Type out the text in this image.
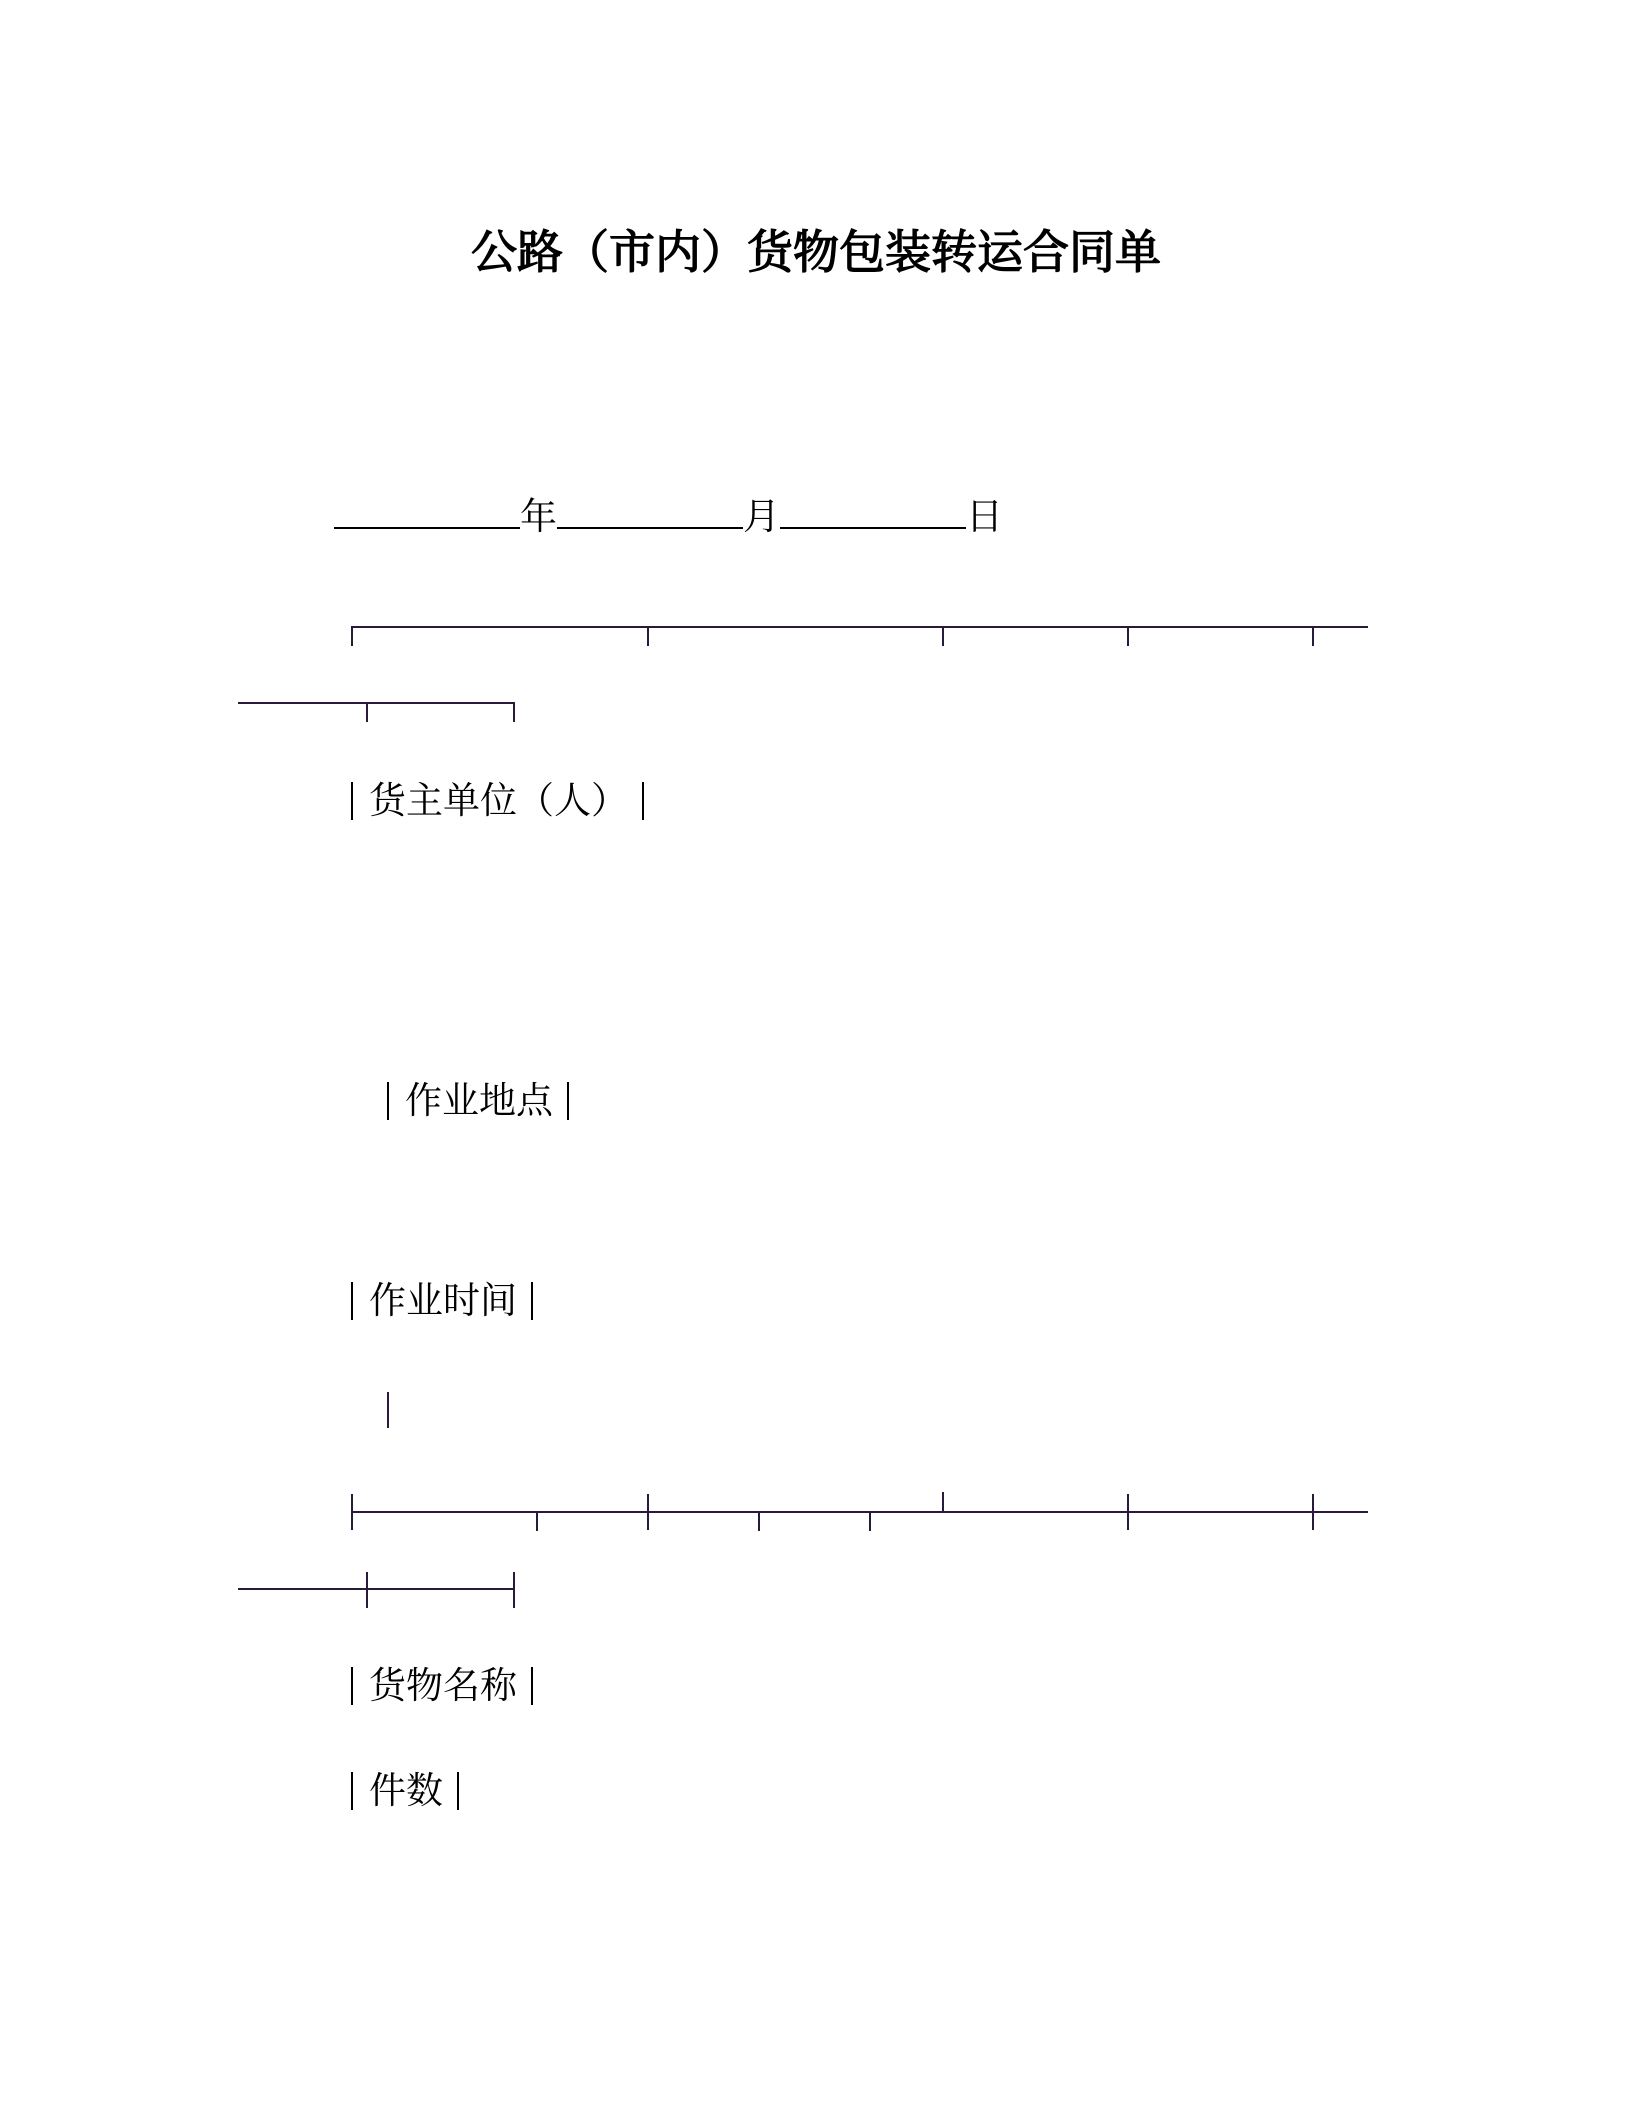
公路（市内）货物包装转运合同单
年	月	日
货主单位（人）
作业地点
作业时间
货物名称
件数
